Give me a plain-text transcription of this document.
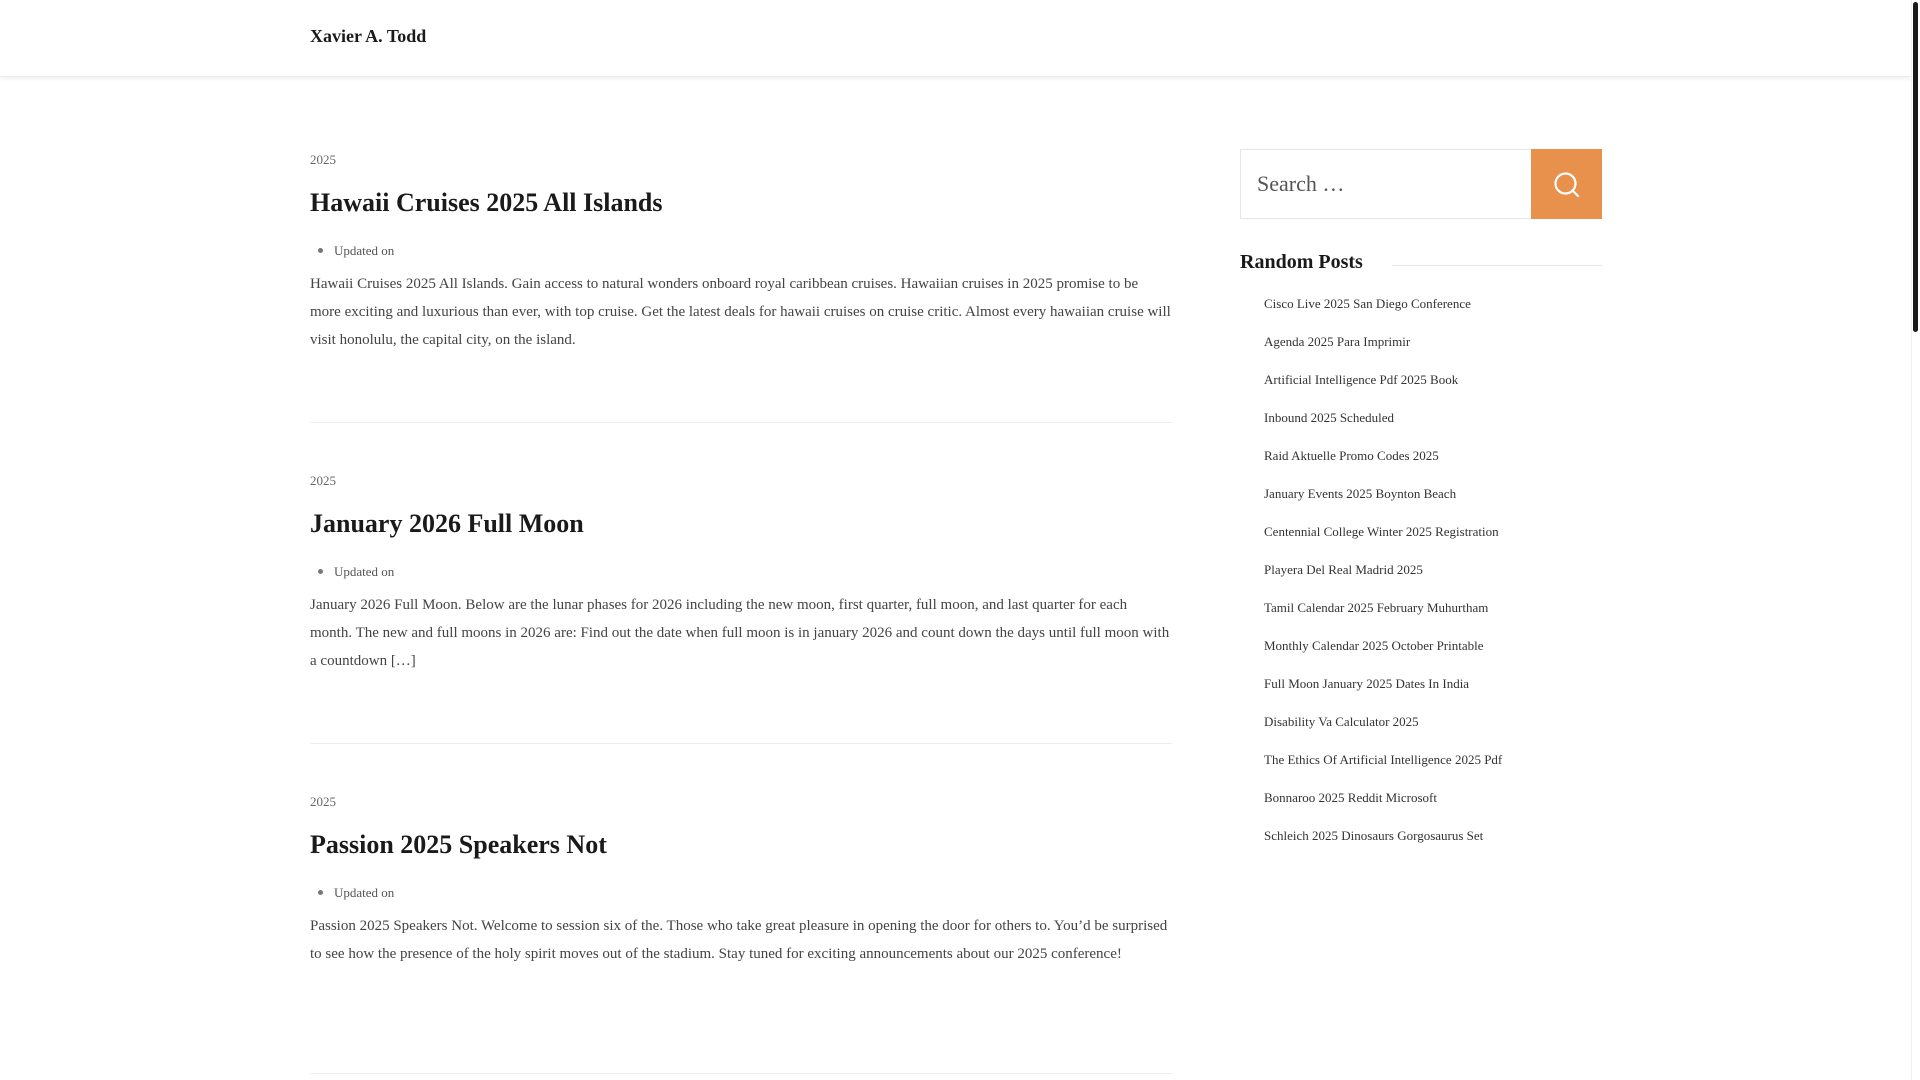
Xavier A. Todd
2025
Hawaii Cruises 2025 All Islands
Updated on

Hawaii Cruises 2025 All Islands. Gain access to natural wonders onboard royal caribbean cruises. Hawaiian cruises in 2025 promise to be more exciting and luxurious than ever, with top cruise. Get the latest deals for hawaii cruises on cruise critic. Almost every hawaiian cruise will visit honolulu, the capital city, on the island.

2025
January 2026 Full Moon
Updated on

January 2026 Full Moon. Below are the lunar phases for 2026 including the new moon, first quarter, full moon, and last quarter for each month. The new and full moons in 2026 are: Find out the date when full moon is in january 2026 and count down the days until full moon with a countdown […]

2025
Passion 2025 Speakers Not
Updated on

Passion 2025 Speakers Not. Welcome to session six of the. Those who take great pleasure in opening the door for others to. You’d be surprised to see how the presence of the holy spirit moves out of the stadium. Stay tuned for exciting announcements about our 2025 conference!

Search …
Random Posts
Cisco Live 2025 San Diego Conference
Agenda 2025 Para Imprimir
Artificial Intelligence Pdf 2025 Book
Inbound 2025 Scheduled
Raid Aktuelle Promo Codes 2025
January Events 2025 Boynton Beach
Centennial College Winter 2025 Registration
Playera Del Real Madrid 2025
Tamil Calendar 2025 February Muhurtham
Monthly Calendar 2025 October Printable
Full Moon January 2025 Dates In India
Disability Va Calculator 2025
The Ethics Of Artificial Intelligence 2025 Pdf
Bonnaroo 2025 Reddit Microsoft
Schleich 2025 Dinosaurs Gorgosaurus Set
